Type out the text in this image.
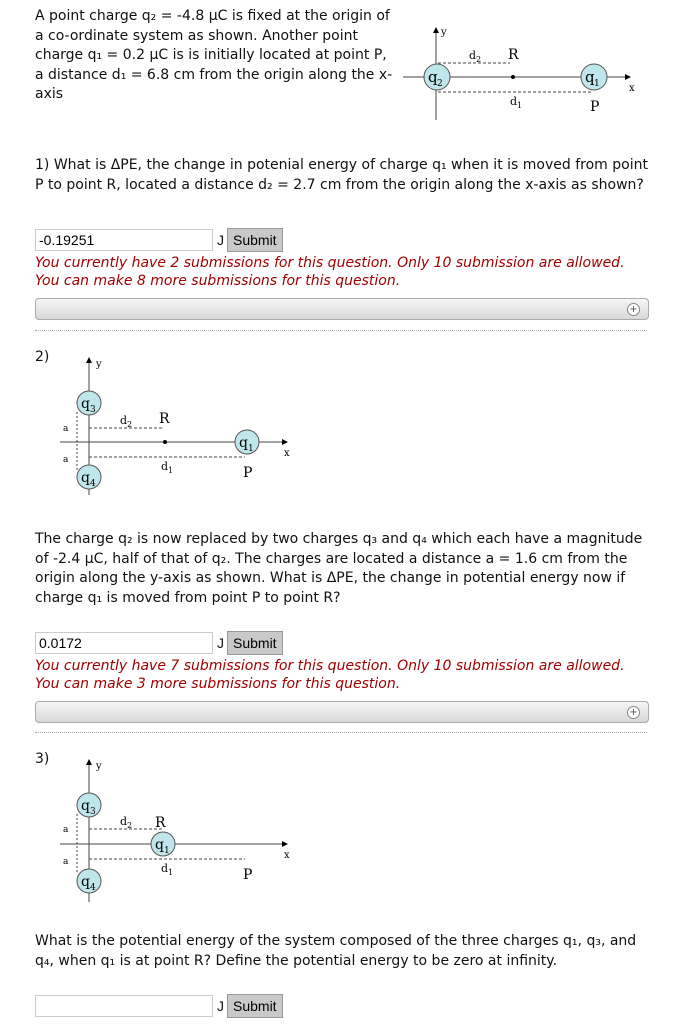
A point charge q₂ = -4.8 μC is fixed at the origin of a co-ordinate system as shown. Another point charge q₁ = 0.2 μC is is initially located at point P, a distance d₁ = 6.8 cm from the origin along the x-axis

y
x
d 2 R
d 1	P
q 2	q 1

1) What is ΔPE, the change in potenial energy of charge q₁ when it is moved from point P to point R, located a distance d₂ = 2.7 cm from the origin along the x-axis as shown?

-0.19251
J Submit

You currently have 2 submissions for this question. Only 10 submission are allowed.
You can make 8 more submissions for this question.

+

2)	y
x
d 2 R
d 1	P
a
a
q 3
q 4
q 1

The charge q₂ is now replaced by two charges q₃ and q₄ which each have a magnitude of -2.4 μC, half of that of q₂. The charges are located a distance a = 1.6 cm from the origin along the y-axis as shown. What is ΔPE, the change in potential energy now if charge q₁ is moved from point P to point R?

0.0172
J Submit

You currently have 7 submissions for this question. Only 10 submission are allowed.
You can make 3 more submissions for this question.

+

3)	y
x
d 2 R
d 1	P
a
a
q 3
q 4
q 1

What is the potential energy of the system composed of the three charges q₁, q₃, and q₄, when q₁ is at point R? Define the potential energy to be zero at infinity.

J Submit
